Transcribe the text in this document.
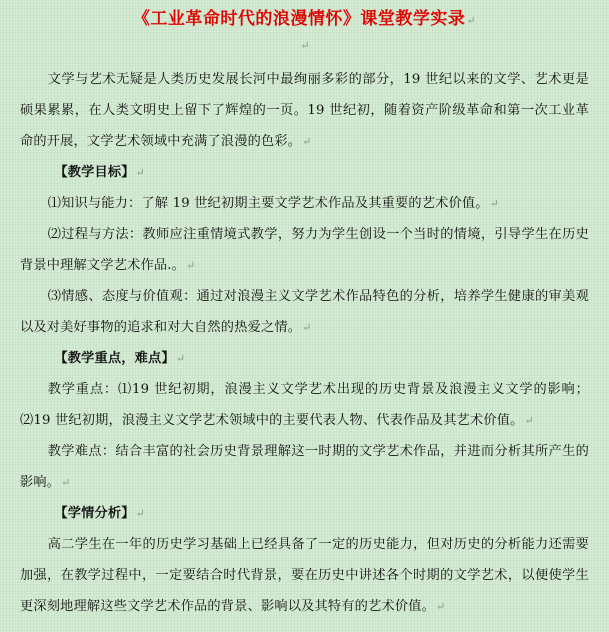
《工业革命时代的浪漫情怀》课堂教学实录↵
↵

文学与艺术无疑是人类历史发展长河中最绚丽多彩的部分，19 世纪以来的文学、艺术更是硕果累累，在人类文明史上留下了辉煌的一页。19 世纪初，随着资产阶级革命和第一次工业革命的开展，文学艺术领域中充满了浪漫的色彩。↵

【教学目标】↵

⑴知识与能力：了解 19 世纪初期主要文学艺术作品及其重要的艺术价值。↵

⑵过程与方法：教师应注重情境式教学，努力为学生创设一个当时的情境，引导学生在历史背景中理解文学艺术作品.。↵

⑶情感、态度与价值观：通过对浪漫主义文学艺术作品特色的分析，培养学生健康的审美观以及对美好事物的追求和对大自然的热爱之情。↵

【教学重点，难点】↵

教学重点：⑴19 世纪初期，浪漫主义文学艺术出现的历史背景及浪漫主义文学的影响；⑵19 世纪初期，浪漫主义文学艺术领域中的主要代表人物、代表作品及其艺术价值。↵

教学难点：结合丰富的社会历史背景理解这一时期的文学艺术作品，并进而分析其所产生的影响。↵

【学情分析】↵

高二学生在一年的历史学习基础上已经具备了一定的历史能力，但对历史的分析能力还需要加强，在教学过程中，一定要结合时代背景，要在历史中讲述各个时期的文学艺术，以便使学生更深刻地理解这些文学艺术作品的背景、影响以及其特有的艺术价值。↵
